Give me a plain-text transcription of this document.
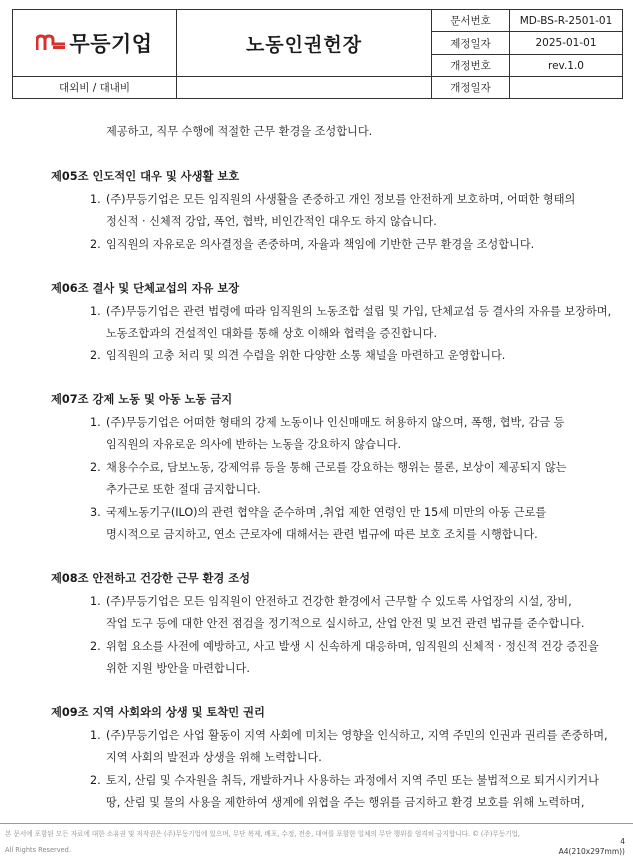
무등기업	노동인권헌장	문서번호	MD-BS-R-2501-01
		제정일자	2025-01-01
		개정번호	rev.1.0
대외비 / 대내비		개정일자	
제공하고, 직무 수행에 적절한 근무 환경을 조성합니다.
제05조 인도적인 대우 및 사생활 보호
1. (주)무등기업은 모든 임직원의 사생활을 존중하고 개인 정보를 안전하게 보호하며, 어떠한 형태의
정신적 · 신체적 강압, 폭언, 협박, 비인간적인 대우도 하지 않습니다.
2. 임직원의 자유로운 의사결정을 존중하며, 자율과 책임에 기반한 근무 환경을 조성합니다.
제06조 결사 및 단체교섭의 자유 보장
1. (주)무등기업은 관련 법령에 따라 임직원의 노동조합 설립 및 가입, 단체교섭 등 결사의 자유를 보장하며,
노동조합과의 건설적인 대화를 통해 상호 이해와 협력을 증진합니다.
2. 임직원의 고충 처리 및 의견 수렴을 위한 다양한 소통 채널을 마련하고 운영합니다.
제07조 강제 노동 및 아동 노동 금지
1. (주)무등기업은 어떠한 형태의 강제 노동이나 인신매매도 허용하지 않으며, 폭행, 협박, 감금 등
임직원의 자유로운 의사에 반하는 노동을 강요하지 않습니다.
2. 채용수수료, 담보노동, 강제억류 등을 통해 근로를 강요하는 행위는 물론, 보상이 제공되지 않는
추가근로 또한 절대 금지합니다.
3. 국제노동기구(ILO)의 관련 협약을 준수하며 ,취업 제한 연령인 만 15세 미만의 아동 근로를
명시적으로 금지하고, 연소 근로자에 대해서는 관련 법규에 따른 보호 조치를 시행합니다.
제08조 안전하고 건강한 근무 환경 조성
1. (주)무등기업은 모든 임직원이 안전하고 건강한 환경에서 근무할 수 있도록 사업장의 시설, 장비,
작업 도구 등에 대한 안전 점검을 정기적으로 실시하고, 산업 안전 및 보건 관련 법규를 준수합니다.
2. 위험 요소를 사전에 예방하고, 사고 발생 시 신속하게 대응하며, 임직원의 신체적 · 정신적 건강 증진을
위한 지원 방안을 마련합니다.
제09조 지역 사회와의 상생 및 토착민 권리
1. (주)무등기업은 사업 활동이 지역 사회에 미치는 영향을 인식하고, 지역 주민의 인권과 권리를 존중하며,
지역 사회의 발전과 상생을 위해 노력합니다.
2. 토지, 산림 및 수자원을 취득, 개발하거나 사용하는 과정에서 지역 주민 또는 불법적으로 퇴거시키거나
땅, 산림 및 물의 사용을 제한하여 생계에 위협을 주는 행위를 금지하고 환경 보호를 위해 노력하며,
본 문서에 포함된 모든 자료에 대한 소유권 및 저작권은 (주)무등기업에 있으며, 무단 복제, 배포, 수정, 전송, 대여를 포함한 일체의 무단 행위를 엄격히 금지합니다. © (주)무등기업,
All Rights Reserved.
4
A4(210x297mm))
